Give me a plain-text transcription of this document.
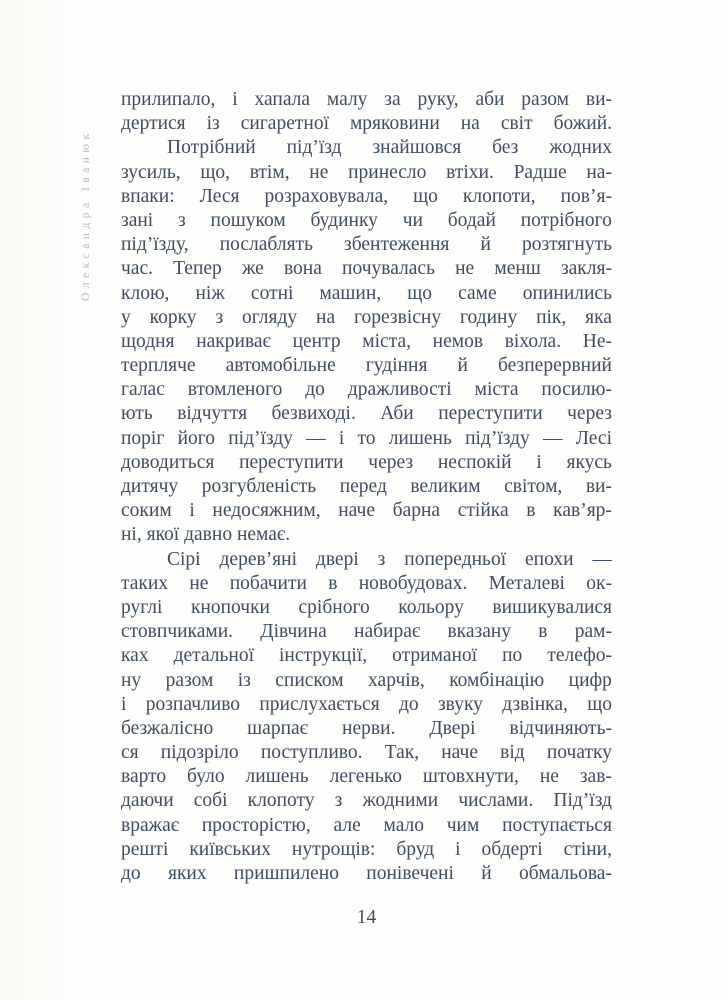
Олександра Іванюк
прилипало, і хапала малу за руку, аби разом ви-
дертися із сигаретної мряковини на світ божий.
Потрібний під’їзд знайшовся без жодних
зусиль, що, втім, не принесло втіхи. Радше на-
впаки: Леся розраховувала, що клопоти, пов’я-
зані з пошуком будинку чи бодай потрібного
під’їзду, послаблять збентеження й розтягнуть
час. Тепер же вона почувалась не менш закля-
клою, ніж сотні машин, що саме опинились
у корку з огляду на горезвісну годину пік, яка
щодня накриває центр міста, немов віхола. Не-
терпляче автомобільне гудіння й безперервний
галас втомленого до дражливості міста посилю-
ють відчуття безвиході. Аби переступити через
поріг його під’їзду — і то лишень під’їзду — Лесі
доводиться переступити через неспокій і якусь
дитячу розгубленість перед великим світом, ви-
соким і недосяжним, наче барна стійка в кав’яр-
ні, якої давно немає.
Сірі дерев’яні двері з попередньої епохи —
таких не побачити в новобудовах. Металеві ок-
руглі кнопочки срібного кольору вишикувалися
стовпчиками. Дівчина набирає вказану в рам-
ках детальної інструкції, отриманої по телефо-
ну разом із списком харчів, комбінацію цифр
і розпачливо прислухається до звуку дзвінка, що
безжалісно шарпає нерви. Двері відчиняють-
ся підозріло поступливо. Так, наче від початку
варто було лишень легенько штовхнути, не зав-
даючи собі клопоту з жодними числами. Під’їзд
вражає просторістю, але мало чим поступається
решті київських нутрощів: бруд і обдерті стіни,
до яких пришпилено понівечені й обмальова-
14
